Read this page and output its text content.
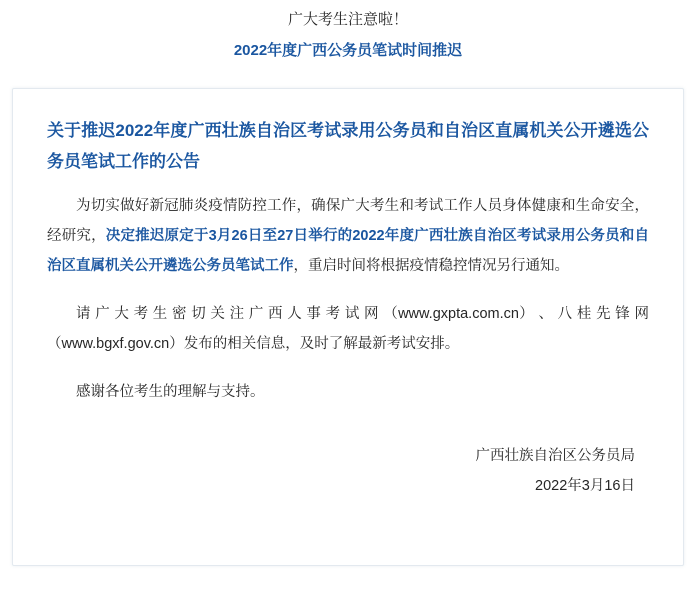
广大考生注意啦！
2022年度广西公务员笔试时间推迟
关于推迟2022年度广西壮族自治区考试录用公务员和自治区直属机关公开遴选公务员笔试工作的公告

为切实做好新冠肺炎疫情防控工作，确保广大考生和考试工作人员身体健康和生命安全，经研究，决定推迟原定于3月26日至27日举行的2022年度广西壮族自治区考试录用公务员和自治区直属机关公开遴选公务员笔试工作，重启时间将根据疫情稳控情况另行通知。

请 广 大 考 生 密 切 关 注 广 西 人 事 考 试 网 （www.gxpta.com.cn） 、 八 桂 先 锋 网

（www.bgxf.gov.cn）发布的相关信息，及时了解最新考试安排。

感谢各位考生的理解与支持。

广西壮族自治区公务员局
2022年3月16日
